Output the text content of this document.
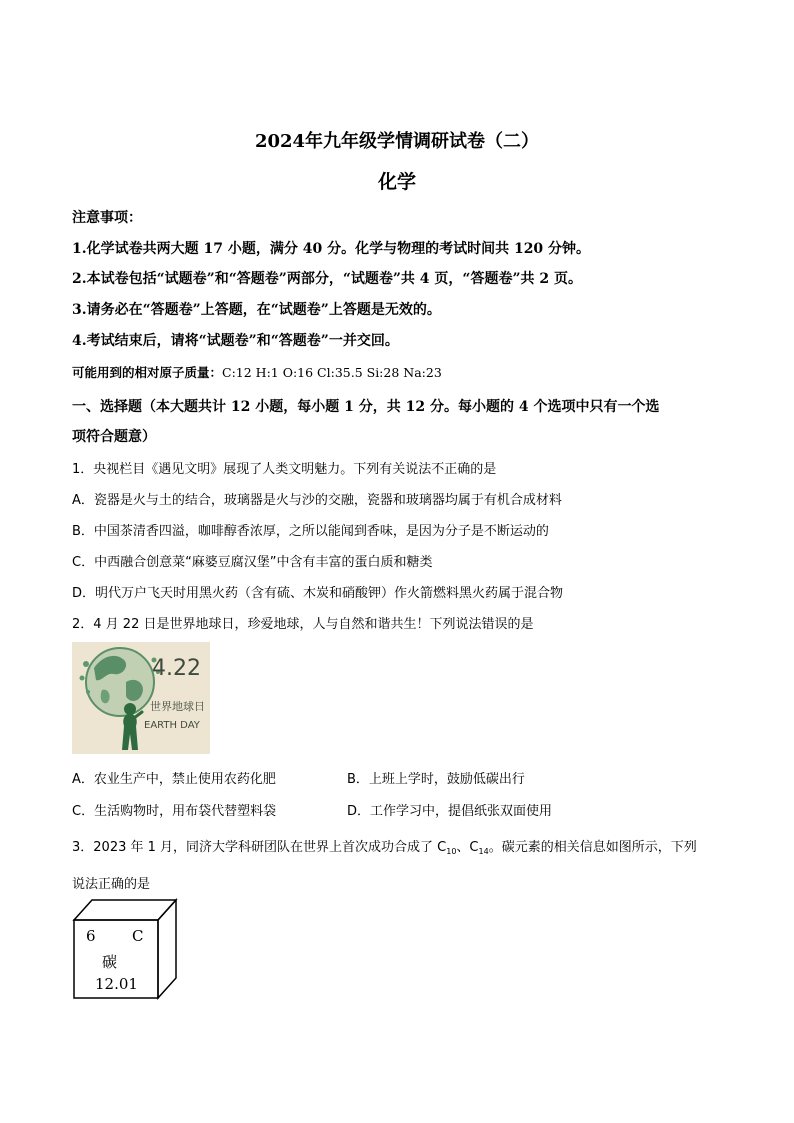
2024年九年级学情调研试卷（二）
化学
注意事项：
1.化学试卷共两大题 17 小题，满分 40 分。化学与物理的考试时间共 120 分钟。
2.本试卷包括“试题卷”和“答题卷”两部分，“试题卷”共 4 页，“答题卷”共 2 页。
3.请务必在“答题卷”上答题，在“试题卷”上答题是无效的。
4.考试结束后，请将“试题卷”和“答题卷”一并交回。
可能用到的相对原子质量：C:12 H:1 O:16 Cl:35.5 Si:28 Na:23
一、选择题（本大题共计 12 小题，每小题 1 分，共 12 分。每小题的 4 个选项中只有一个选
项符合题意）
1．央视栏目《遇见文明》展现了人类文明魅力。下列有关说法不正确的是
A．瓷器是火与土的结合，玻璃器是火与沙的交融，瓷器和玻璃器均属于有机合成材料
B．中国茶清香四溢，咖啡醇香浓厚，之所以能闻到香味，是因为分子是不断运动的
C．中西融合创意菜“麻婆豆腐汉堡”中含有丰富的蛋白质和糖类
D．明代万户飞天时用黑火药（含有硫、木炭和硝酸钾）作火箭燃料黑火药属于混合物
2．4 月 22 日是世界地球日，珍爱地球，人与自然和谐共生！下列说法错误的是
4.22
世界地球日
EARTH DAY
A．农业生产中，禁止使用农药化肥	B．上班上学时，鼓励低碳出行
C．生活购物时，用布袋代替塑料袋	D．工作学习中，提倡纸张双面使用
3．2023 年 1 月，同济大学科研团队在世界上首次成功合成了 $C_{10}$、$C_{14}$。碳元素的相关信息如图所示，下列
说法正确的是
6 C
碳
12.01
